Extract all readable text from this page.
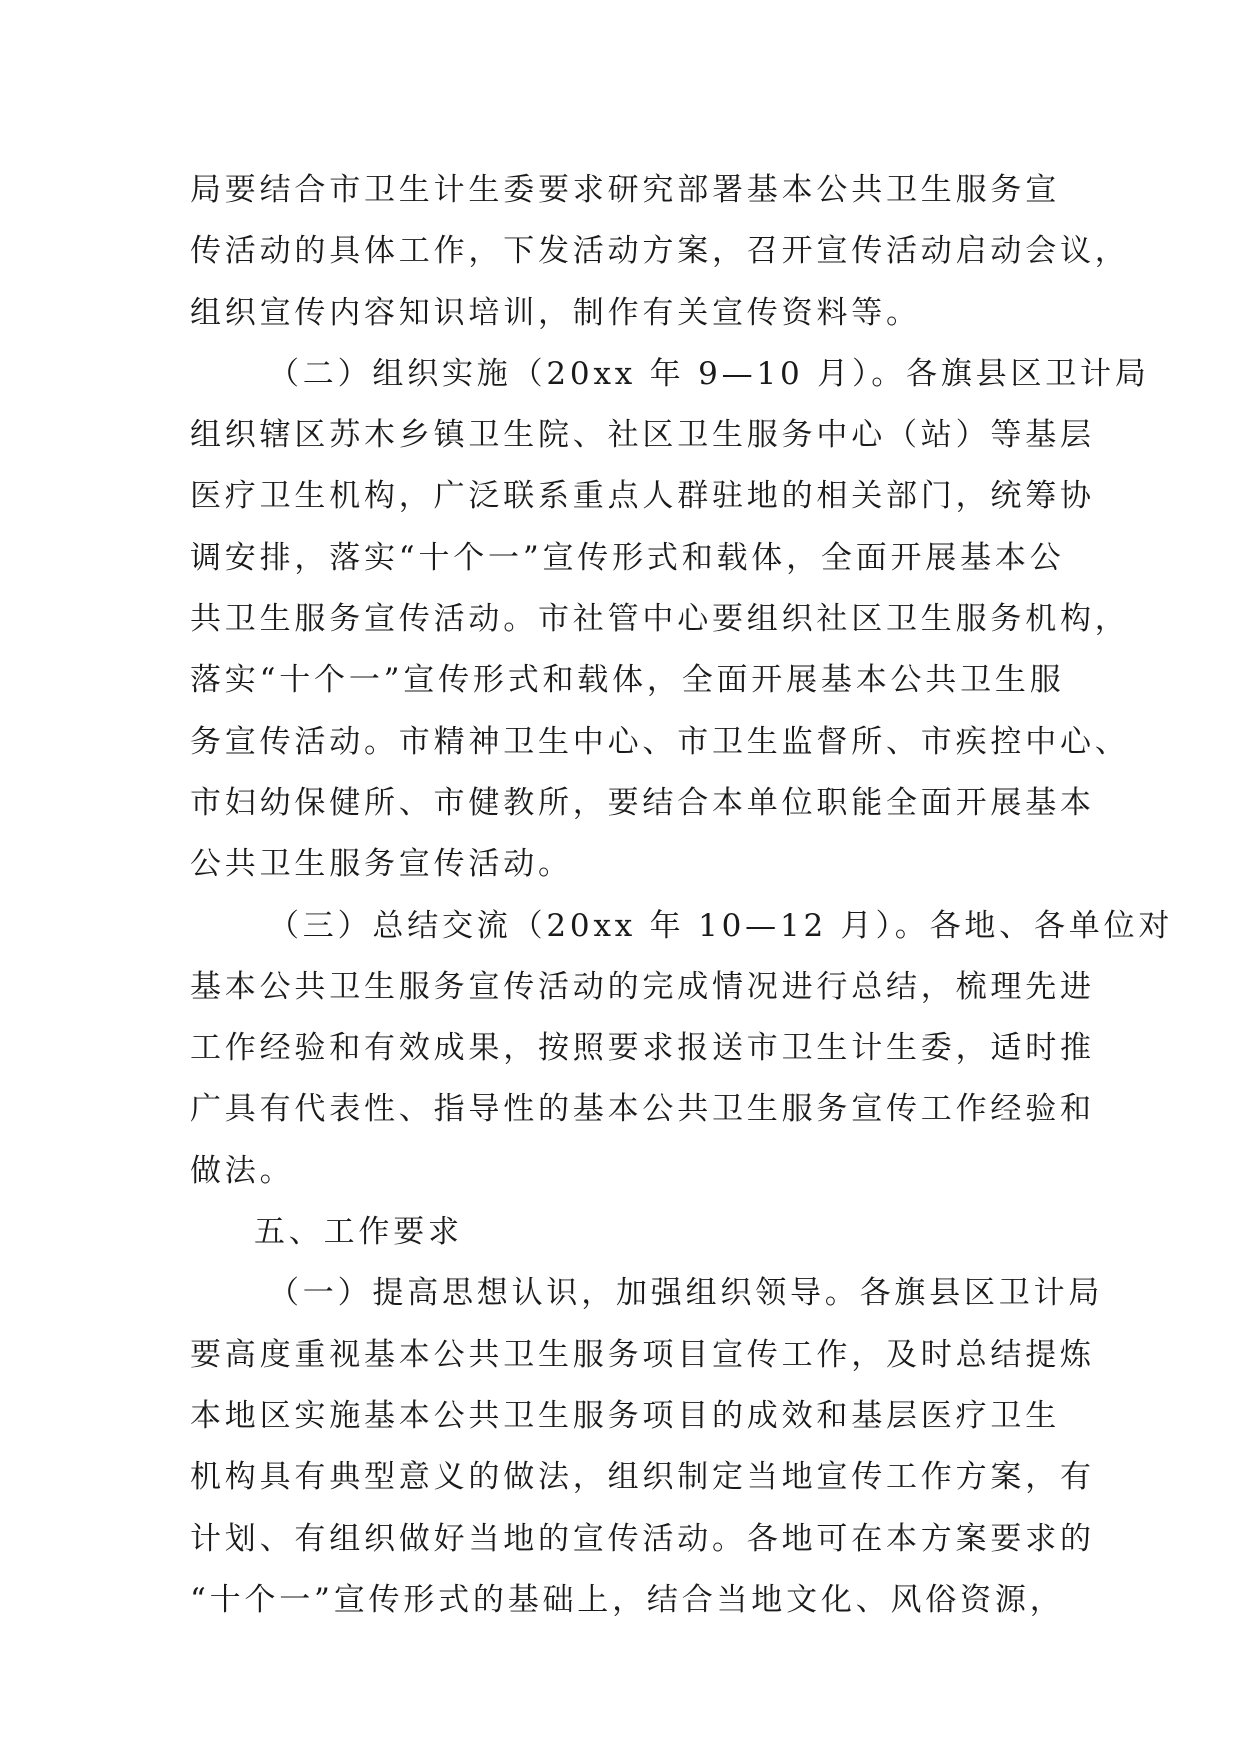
局要结合市卫生计生委要求研究部署基本公共卫生服务宣
传活动的具体工作，下发活动方案，召开宣传活动启动会议，
组织宣传内容知识培训，制作有关宣传资料等。
（二）组织实施（20xx 年 9—10 月）。各旗县区卫计局
组织辖区苏木乡镇卫生院、社区卫生服务中心（站）等基层
医疗卫生机构，广泛联系重点人群驻地的相关部门，统筹协
调安排，落实“十个一”宣传形式和载体，全面开展基本公
共卫生服务宣传活动。市社管中心要组织社区卫生服务机构，
落实“十个一”宣传形式和载体，全面开展基本公共卫生服
务宣传活动。市精神卫生中心、市卫生监督所、市疾控中心、
市妇幼保健所、市健教所，要结合本单位职能全面开展基本
公共卫生服务宣传活动。
（三）总结交流（20xx 年 10—12 月）。各地、各单位对
基本公共卫生服务宣传活动的完成情况进行总结，梳理先进
工作经验和有效成果，按照要求报送市卫生计生委，适时推
广具有代表性、指导性的基本公共卫生服务宣传工作经验和
做法。
五、工作要求
（一）提高思想认识，加强组织领导。各旗县区卫计局
要高度重视基本公共卫生服务项目宣传工作，及时总结提炼
本地区实施基本公共卫生服务项目的成效和基层医疗卫生
机构具有典型意义的做法，组织制定当地宣传工作方案，有
计划、有组织做好当地的宣传活动。各地可在本方案要求的
“十个一”宣传形式的基础上，结合当地文化、风俗资源，
